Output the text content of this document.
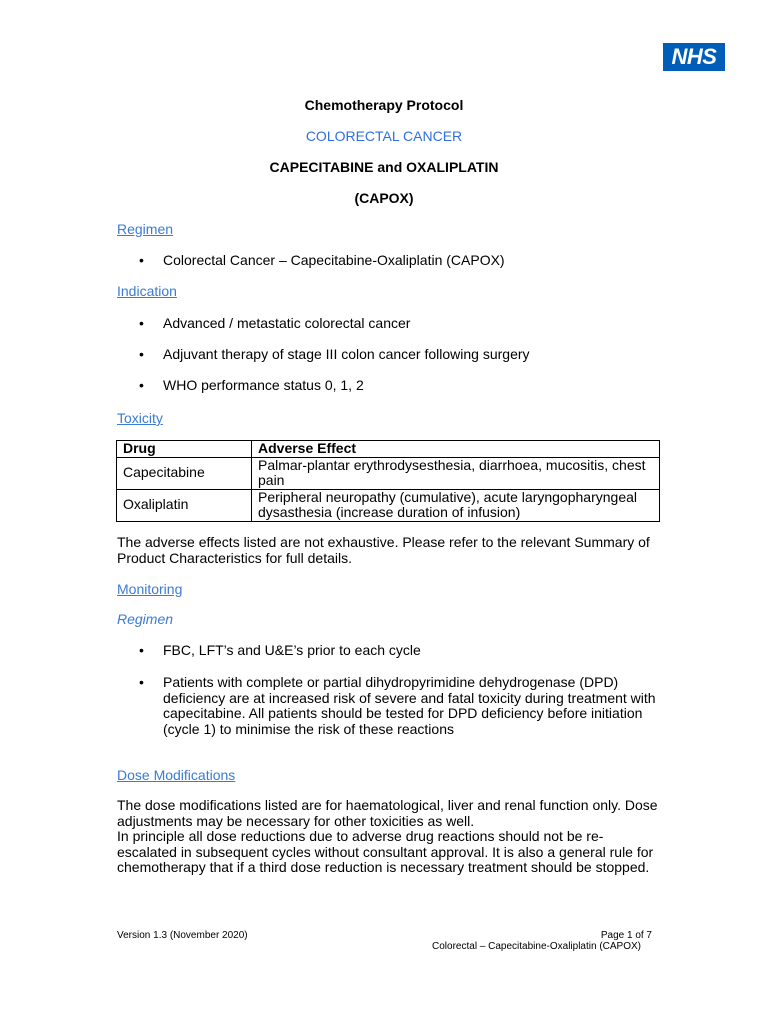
NHS
Chemotherapy Protocol
COLORECTAL CANCER
CAPECITABINE and OXALIPLATIN
(CAPOX)
Regimen
• Colorectal Cancer – Capecitabine-Oxaliplatin (CAPOX)
Indication
• Advanced / metastatic colorectal cancer
• Adjuvant therapy of stage III colon cancer following surgery
• WHO performance status 0, 1, 2
Toxicity
Drug	Adverse Effect
Capecitabine	Palmar-plantar erythrodysesthesia, diarrhoea, mucositis, chest pain
Oxaliplatin	Peripheral neuropathy (cumulative), acute laryngopharyngeal dysasthesia (increase duration of infusion)
The adverse effects listed are not exhaustive. Please refer to the relevant Summary of Product Characteristics for full details.
Monitoring
Regimen
• FBC, LFT’s and U&E’s prior to each cycle
• Patients with complete or partial dihydropyrimidine dehydrogenase (DPD) deficiency are at increased risk of severe and fatal toxicity during treatment with capecitabine. All patients should be tested for DPD deficiency before initiation (cycle 1) to minimise the risk of these reactions
Dose Modifications
The dose modifications listed are for haematological, liver and renal function only. Dose adjustments may be necessary for other toxicities as well.
In principle all dose reductions due to adverse drug reactions should not be re-escalated in subsequent cycles without consultant approval. It is also a general rule for chemotherapy that if a third dose reduction is necessary treatment should be stopped.
Version 1.3 (November 2020)	Page 1 of 7
Colorectal – Capecitabine-Oxaliplatin (CAPOX)
